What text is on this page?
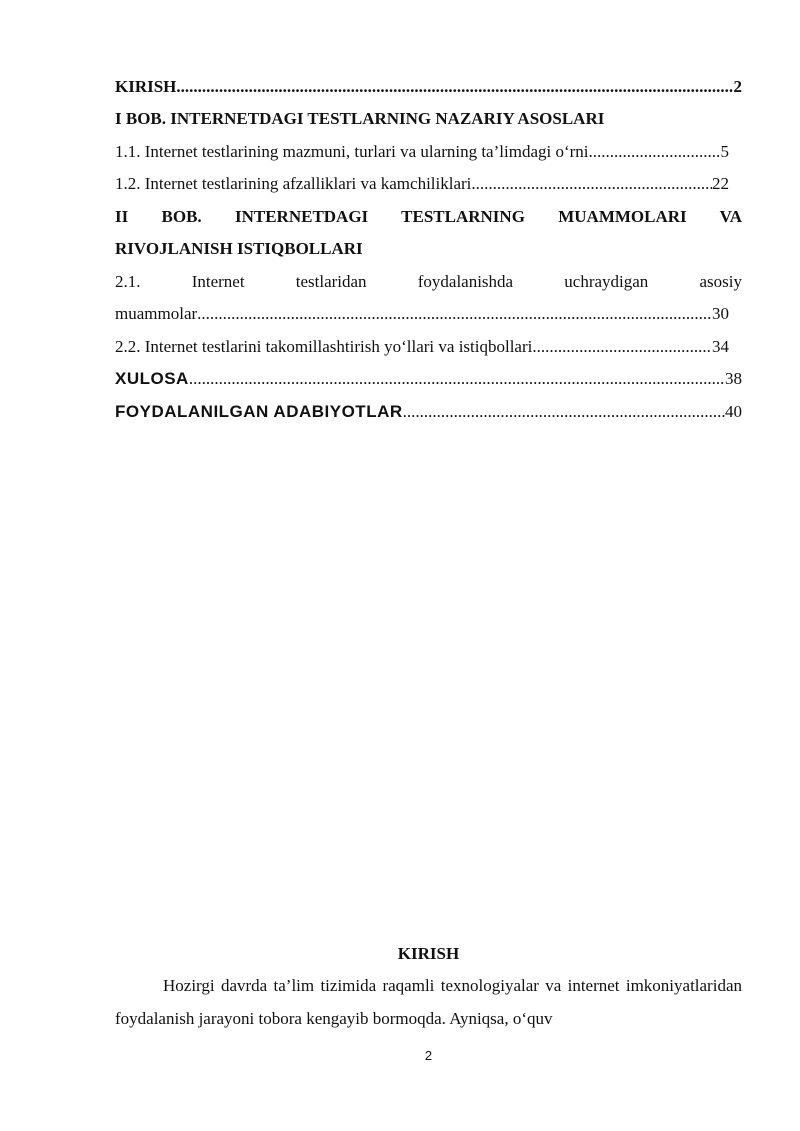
KIRISH .....	2
I BOB. INTERNETDAGI TESTLARNING NAZARIY ASOSLARI
1.1. Internet testlarining mazmuni, turlari va ularning ta’limdagi o‘rni .....	5
1.2. Internet testlarining afzalliklari va kamchiliklari .....	22
II BOB. INTERNETDAGI TESTLARNING MUAMMOLARI VA
RIVOJLANISH ISTIQBOLLARI
2.1. Internet testlaridan foydalanishda uchraydigan asosiy
muammolar .....	30
2.2. Internet testlarini takomillashtirish yo‘llari va istiqbollari .....	34
XULOSA .....	38
FOYDALANILGAN ADABIYOTLAR .....	40
KIRISH
Hozirgi davrda ta’lim tizimida raqamli texnologiyalar va internet imkoniyatlaridan foydalanish jarayoni tobora kengayib bormoqda. Ayniqsa, o‘quv
2
